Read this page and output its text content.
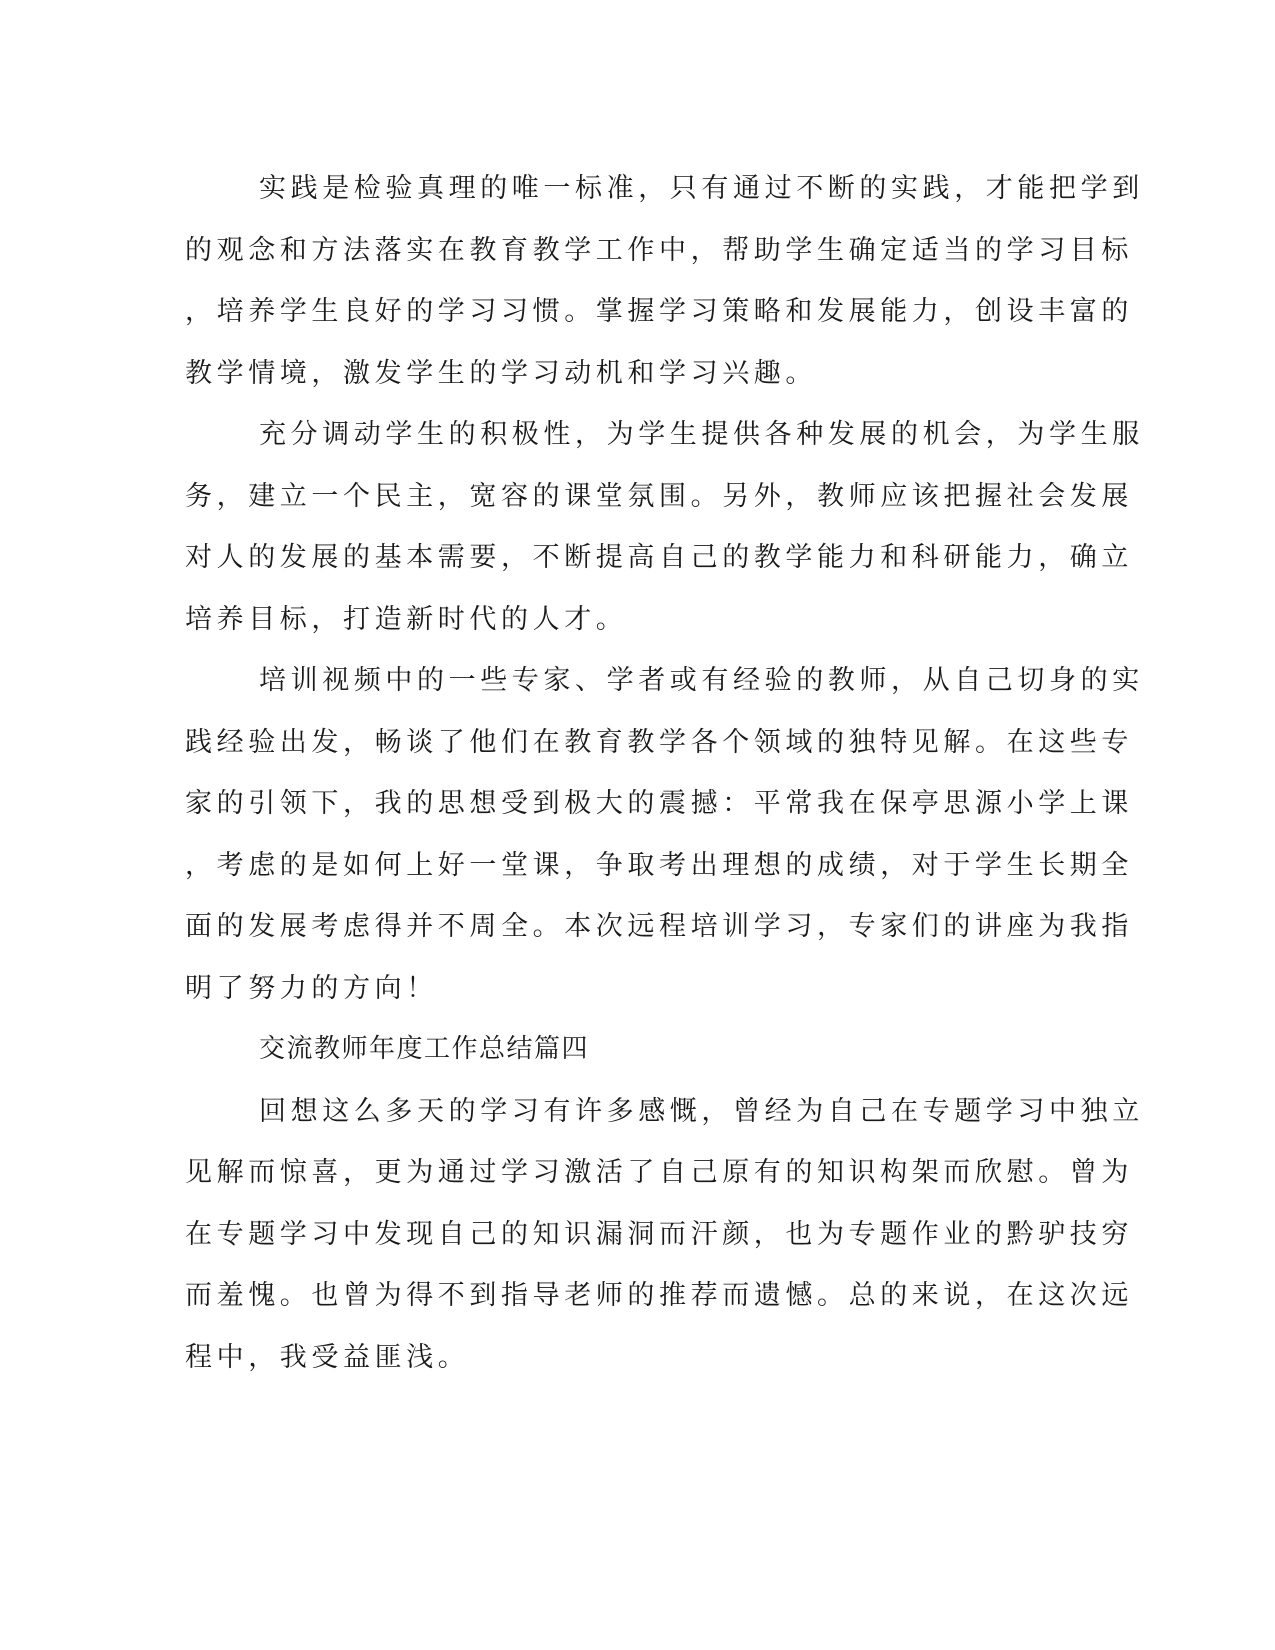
实践是检验真理的唯一标准，只有通过不断的实践，才能把学到
的观念和方法落实在教育教学工作中，帮助学生确定适当的学习目标
，培养学生良好的学习习惯。掌握学习策略和发展能力，创设丰富的
教学情境，激发学生的学习动机和学习兴趣。
充分调动学生的积极性，为学生提供各种发展的机会，为学生服
务，建立一个民主，宽容的课堂氛围。另外，教师应该把握社会发展
对人的发展的基本需要，不断提高自己的教学能力和科研能力，确立
培养目标，打造新时代的人才。
培训视频中的一些专家、学者或有经验的教师，从自己切身的实
践经验出发，畅谈了他们在教育教学各个领域的独特见解。在这些专
家的引领下，我的思想受到极大的震撼：平常我在保亭思源小学上课
，考虑的是如何上好一堂课，争取考出理想的成绩，对于学生长期全
面的发展考虑得并不周全。本次远程培训学习，专家们的讲座为我指
明了努力的方向！
交流教师年度工作总结篇四
回想这么多天的学习有许多感慨，曾经为自己在专题学习中独立
见解而惊喜，更为通过学习激活了自己原有的知识构架而欣慰。曾为
在专题学习中发现自己的知识漏洞而汗颜，也为专题作业的黔驴技穷
而羞愧。也曾为得不到指导老师的推荐而遗憾。总的来说，在这次远
程中，我受益匪浅。
